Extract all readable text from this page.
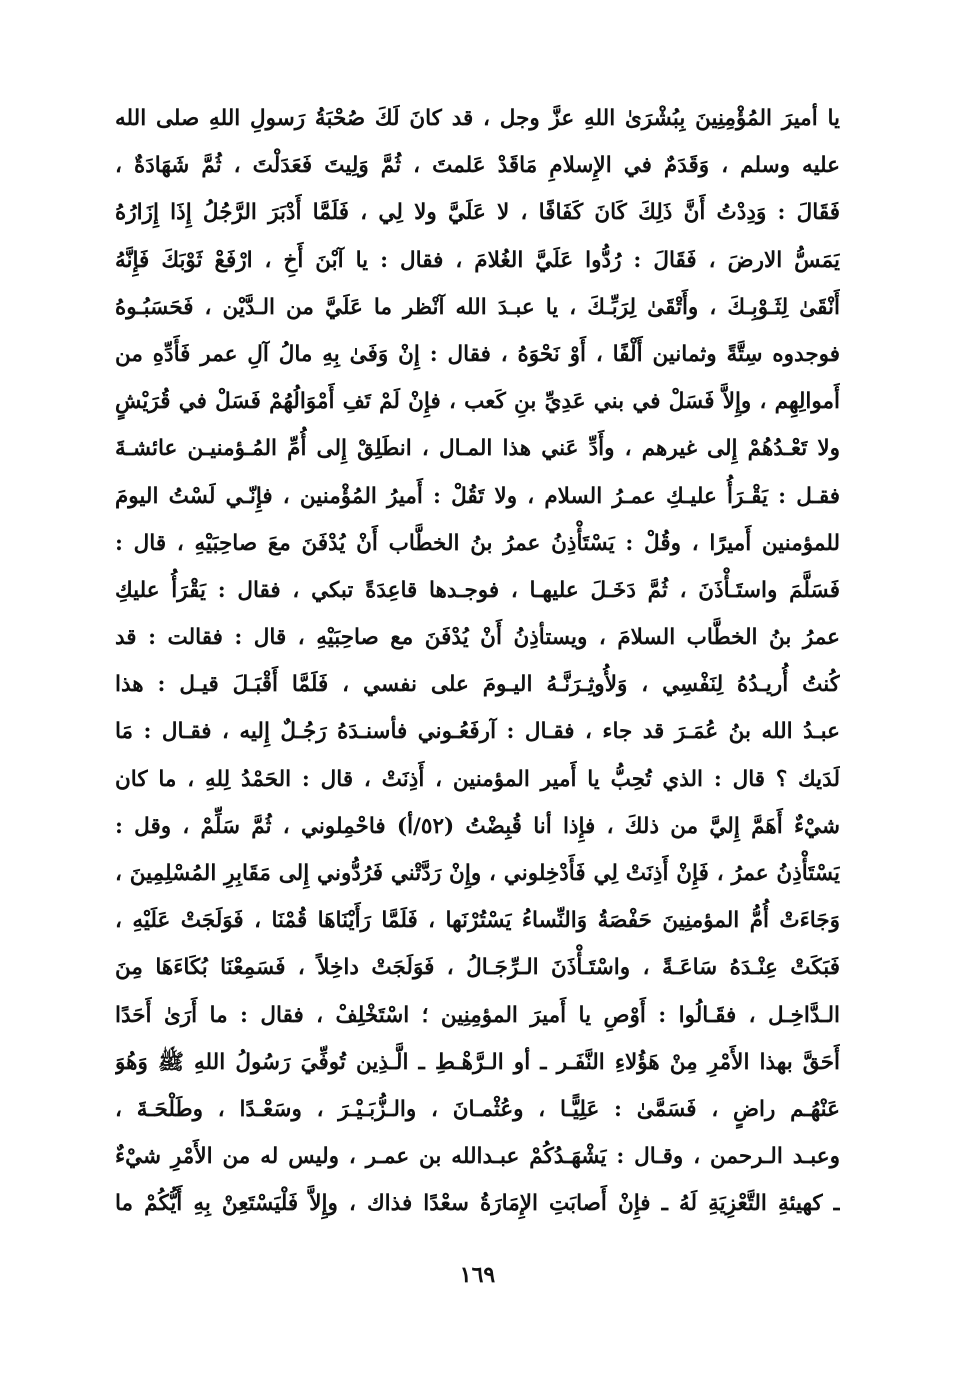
يا أميرَ المُؤْمِنِينَ بِبُشْرَىٰ اللهِ عزَّ وجل ، قد كانَ لَكَ صُحْبَةُ رَسولِ اللهِ صلى الله
عليه وسلم ، وَقَدَمٌ في الإِسلامِ مَاقَدْ عَلمتَ ، ثُمَّ وَلِيتَ فَعَدَلْتَ ، ثُمَّ شَهَادَةٌ ،
فَقَالَ : وَدِدْتُ أَنَّ ذَلِكَ كَانَ كَفَافًا ، لا عَلَيَّ ولا لِي ، فَلَمَّا أَدْبَرَ الرَّجُلُ إِذَا إِزَارُهُ
يَمَسُّ الارضَ ، فَقَالَ : رُدُّوا عَلَيَّ الغُلامَ ، فقال : يا آبْنَ أَخِ ، ارْفَعْ ثَوْبَكَ فَإِنَّهُ
أَنْقَىٰ لِثَـوْبِـكَ ، وأَتْقَىٰ لِرَبِّـكَ ، يا عبـدَ الله آنْظر ما عَلَيَّ من الـدَّيْن ، فَحَسَبُـوهُ
فوجدوه سِتَّةً وثمانين أَلْفًا ، أَوْ نَحْوَهُ ، فقال : إِنْ وَفَىٰ بِهِ مالُ آلِ عمر فَأَدِّهِ من
أَموالِهِم ، وإِلاَّ فَسَلْ في بني عَدِيِّ بنِ كَعب ، فإِنْ لَمْ تَفِ أَمْوَالُهُمْ فَسَلْ في قُرَيْشٍ
ولا تَعْـدُهُمْ إِلى غيرهم ، وأَدِّ عَني هذا المـال ، انطَلِقْ إِلى أُمِّ المُـؤمنيـن عائشـةَ
فقـل : يَقْـرَأُ عليـكِ عمـرُ السلام ، ولا تَقُلْ : أَميرُ المُؤْمنين ، فإِنّـي لَسْتُ اليومَ
للمؤمنين أَميرًا ، وقُلْ : يَسْتَأْذِنُ عمرُ بنُ الخطَّاب أَنْ يُدْفَنَ معَ صاحِبَيْهِ ، قال :
فَسَلَّمَ واستَـأْذَنَ ، ثُمَّ دَخَـلَ عليهـا ، فوجـدها قاعِدَةً تبكي ، فقال : يَقْرَأُ عليكِ
عمرُ بنُ الخطَّاب السلامَ ، ويستأذِنُ أَنْ يُدْفَنَ مع صاحِبَيْهِ ، قال : فقالت : قد
كُنتُ أُريـدُهُ لِنَفْسِي ، وَلأُوثِـرَنَّـهُ اليـومَ على نفسي ، فَلَمَّا أَقْبَـلَ قيـل : هذا
عبـدُ الله بنُ عُمَـرَ قد جاء ، فقـال : آرفَعُـوني فأسنـدَهُ رَجُـلٌ إِليه ، فقـال : مَا
لَدَيك ؟ قال : الذي تُحِبُّ يا أَمير المؤمنين ، أَذِنَتْ ، قال : الحَمْدُ لِلهِ ، ما كان
شيْءٌ أَهَمَّ إِليَّ من ذلكَ ، فإِذا أنا قُبِضْتُ (٥٢/أ) فاحْمِلوني ، ثُمَّ سَلِّمْ ، وقل :
يَسْتَأْذِنُ عمرُ ، فَإِنْ أَذِنَتْ لِي فَأَدْخِلوني ، وإِنْ رَدَّتْني فَرُدُّوني إِلى مَقَابِرِ المُسْلِمِينَ ،
وَجَاءَتْ أُمُّ المؤمنِينَ حَفْصَةُ وَالنِّساءُ يَسْتُرْنَها ، فَلَمَّا رَأَيْنَاهَا قُمْنَا ، فَوَلَجَتْ عَلَيْهِ ،
فَبَكَتْ عِنْـدَهُ سَاعَـةً ، واسْتَـأْذَنَ الـرِّجَـالُ ، فَوَلَجَتْ داخِلاً ، فَسَمِعْنَا بُكَاءَهَا مِنَ
الـدَّاخِـل ، فقَـالُوا : أَوْصِ يا أَميرَ المؤمِنِين ؛ اسْتَخْلِفْ ، فقال : ما أَرَىٰ أَحَدًا
أَحَقَّ بهذا الأَمْرِ مِنْ هَؤُلاءِ النَّفَـر ـ أو الـرَّهْـطِ ـ الَّـذِين تُوفِّيَ رَسُولُ اللهِ ﷺ وَهُوَ
عَنْهُـم راضٍ ، فَسَمَّىٰ : عَلِيًّـا ، وعُثْمـانَ ، والـزُّبَـيْـرَ ، وسَعْـدًا ، وطَلْحَـةَ ،
وعبـد الـرحمن ، وقـال : يَشْهَـدُكُمْ عبـدالله بن عمـر ، وليس له من الأَمْرِ شيْءٌ
ـ كهيئةِ التَّعْزِيَةِ لَهُ ـ فإِنْ أَصابَتِ الإِمَارَةُ سعْدًا فذاك ، وإِلاَّ فَلْيَسْتَعِنْ بِهِ أَيُّكُمْ ما
١٦٩
